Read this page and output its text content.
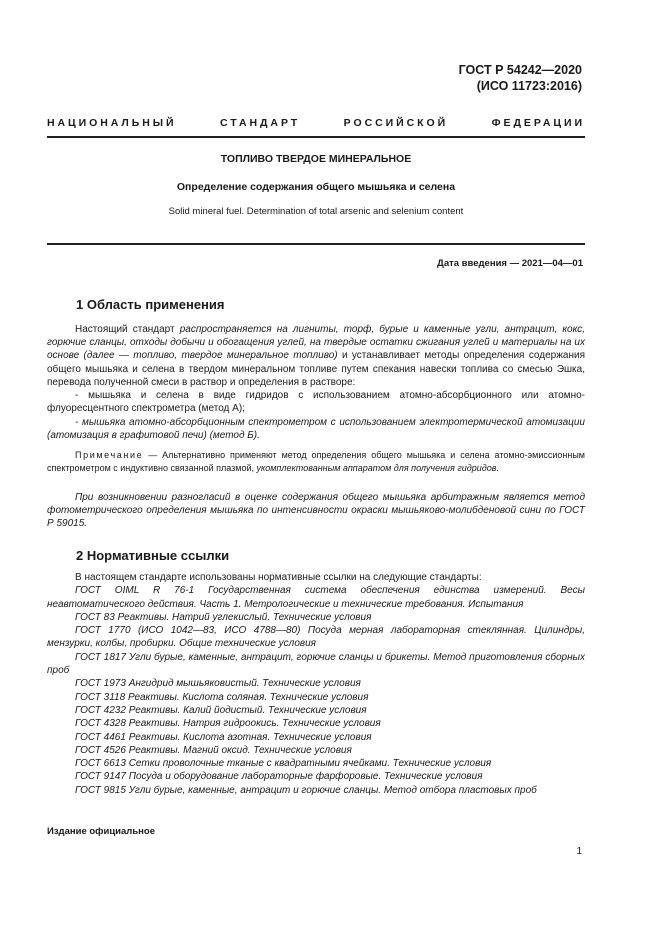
ГОСТ Р 54242—2020
(ИСО 11723:2016)
НАЦИОНАЛЬНЫЙ СТАНДАРТ РОССИЙСКОЙ ФЕДЕРАЦИИ
ТОПЛИВО ТВЕРДОЕ МИНЕРАЛЬНОЕ
Определение содержания общего мышьяка и селена
Solid mineral fuel. Determination of total arsenic and selenium content
Дата введения — 2021—04—01
1 Область применения
Настоящий стандарт распространяется на лигниты, торф, бурые и каменные угли, антрацит, кокс, горючие сланцы, отходы добычи и обогащения углей, на твердые остатки сжигания углей и материалы на их основе (далее — топливо, твердое минеральное топливо) и устанавливает методы определения содержания общего мышьяка и селена в твердом минеральном топливе путем спекания навески топлива со смесью Эшка, перевода полученной смеси в раствор и определения в растворе:
- мышьяка и селена в виде гидридов с использованием атомно-абсорбционного или атомно-флуоресцентного спектрометра (метод А);
- мышьяка атомно-абсорбционным спектрометром с использованием электротермической атомизации (атомизация в графитовой печи) (метод Б).
Примечание — Альтернативно применяют метод определения общего мышьяка и селена атомно-эмиссионным спектрометром с индуктивно связанной плазмой, укомплектованным аппаратом для получения гидридов.
При возникновении разногласий в оценке содержания общего мышьяка арбитражным является метод фотометрического определения мышьяка по интенсивности окраски мышьяково-молибденовой сини по ГОСТ Р 59015.
2 Нормативные ссылки
В настоящем стандарте использованы нормативные ссылки на следующие стандарты:
ГОСТ OIML R 76-1 Государственная система обеспечения единства измерений. Весы неавтоматического действия. Часть 1. Метрологические и технические требования. Испытания
ГОСТ 83 Реактивы. Натрий углекислый. Технические условия
ГОСТ 1770 (ИСО 1042—83, ИСО 4788—80) Посуда мерная лабораторная стеклянная. Цилиндры, мензурки, колбы, пробирки. Общие технические условия
ГОСТ 1817 Угли бурые, каменные, антрацит, горючие сланцы и брикеты. Метод приготовления сборных проб
ГОСТ 1973 Ангидрид мышьяковистый. Технические условия
ГОСТ 3118 Реактивы. Кислота соляная. Технические условия
ГОСТ 4232 Реактивы. Калий йодистый. Технические условия
ГОСТ 4328 Реактивы. Натрия гидроокись. Технические условия
ГОСТ 4461 Реактивы. Кислота азотная. Технические условия
ГОСТ 4526 Реактивы. Магний оксид. Технические условия
ГОСТ 6613 Сетки проволочные тканые с квадратными ячейками. Технические условия
ГОСТ 9147 Посуда и оборудование лабораторные фарфоровые. Технические условия
ГОСТ 9815 Угли бурые, каменные, антрацит и горючие сланцы. Метод отбора пластовых проб
Издание официальное
1
